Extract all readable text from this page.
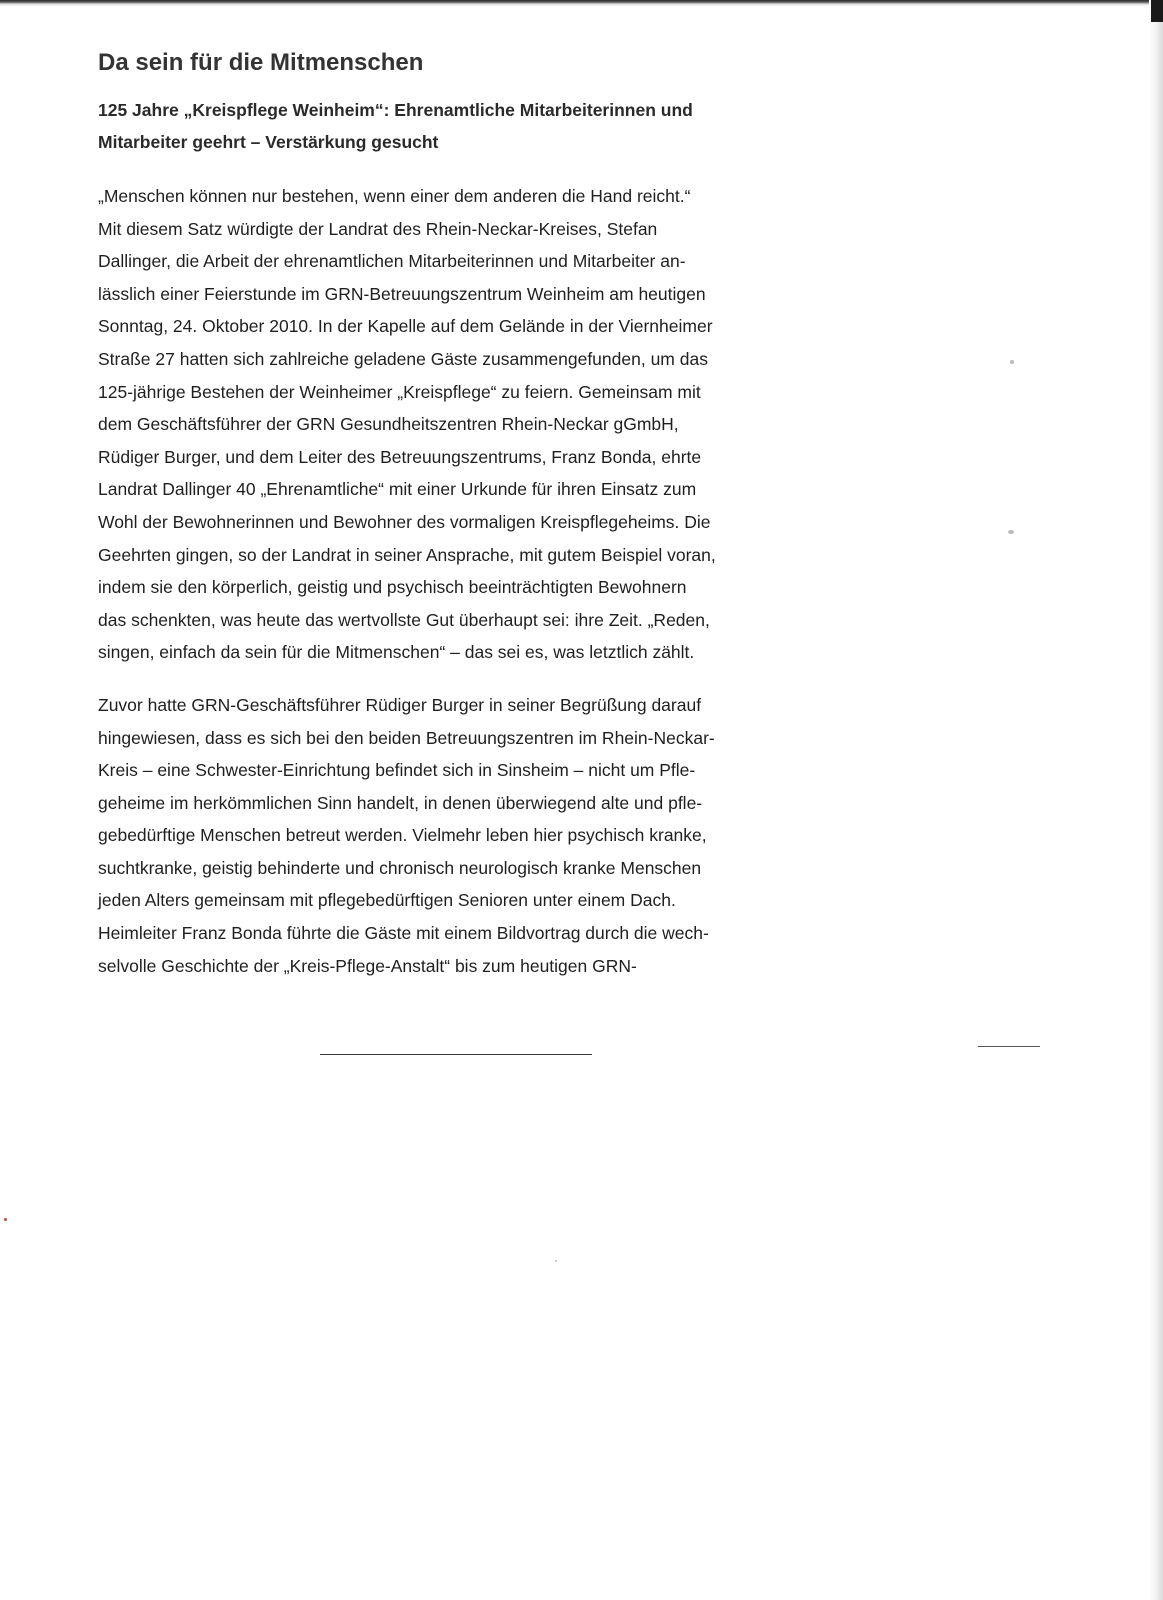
Da sein für die Mitmenschen
125 Jahre „Kreispflege Weinheim“: Ehrenamtliche Mitarbeiterinnen und
Mitarbeiter geehrt – Verstärkung gesucht

„Menschen können nur bestehen, wenn einer dem anderen die Hand reicht.“
Mit diesem Satz würdigte der Landrat des Rhein-Neckar-Kreises, Stefan
Dallinger, die Arbeit der ehrenamtlichen Mitarbeiterinnen und Mitarbeiter an-
lässlich einer Feierstunde im GRN-Betreuungszentrum Weinheim am heutigen
Sonntag, 24. Oktober 2010. In der Kapelle auf dem Gelände in der Viernheimer
Straße 27 hatten sich zahlreiche geladene Gäste zusammengefunden, um das
125-jährige Bestehen der Weinheimer „Kreispflege“ zu feiern. Gemeinsam mit
dem Geschäftsführer der GRN Gesundheitszentren Rhein-Neckar gGmbH,
Rüdiger Burger, und dem Leiter des Betreuungszentrums, Franz Bonda, ehrte
Landrat Dallinger 40 „Ehrenamtliche“ mit einer Urkunde für ihren Einsatz zum
Wohl der Bewohnerinnen und Bewohner des vormaligen Kreispflegeheims. Die
Geehrten gingen, so der Landrat in seiner Ansprache, mit gutem Beispiel voran,
indem sie den körperlich, geistig und psychisch beeinträchtigten Bewohnern
das schenkten, was heute das wertvollste Gut überhaupt sei: ihre Zeit. „Reden,
singen, einfach da sein für die Mitmenschen“ – das sei es, was letztlich zählt.

Zuvor hatte GRN-Geschäftsführer Rüdiger Burger in seiner Begrüßung darauf
hingewiesen, dass es sich bei den beiden Betreuungszentren im Rhein-Neckar-
Kreis – eine Schwester-Einrichtung befindet sich in Sinsheim – nicht um Pfle-
geheime im herkömmlichen Sinn handelt, in denen überwiegend alte und pfle-
gebedürftige Menschen betreut werden. Vielmehr leben hier psychisch kranke,
suchtkranke, geistig behinderte und chronisch neurologisch kranke Menschen
jeden Alters gemeinsam mit pflegebedürftigen Senioren unter einem Dach.
Heimleiter Franz Bonda führte die Gäste mit einem Bildvortrag durch die wech-
selvolle Geschichte der „Kreis-Pflege-Anstalt“ bis zum heutigen GRN-
